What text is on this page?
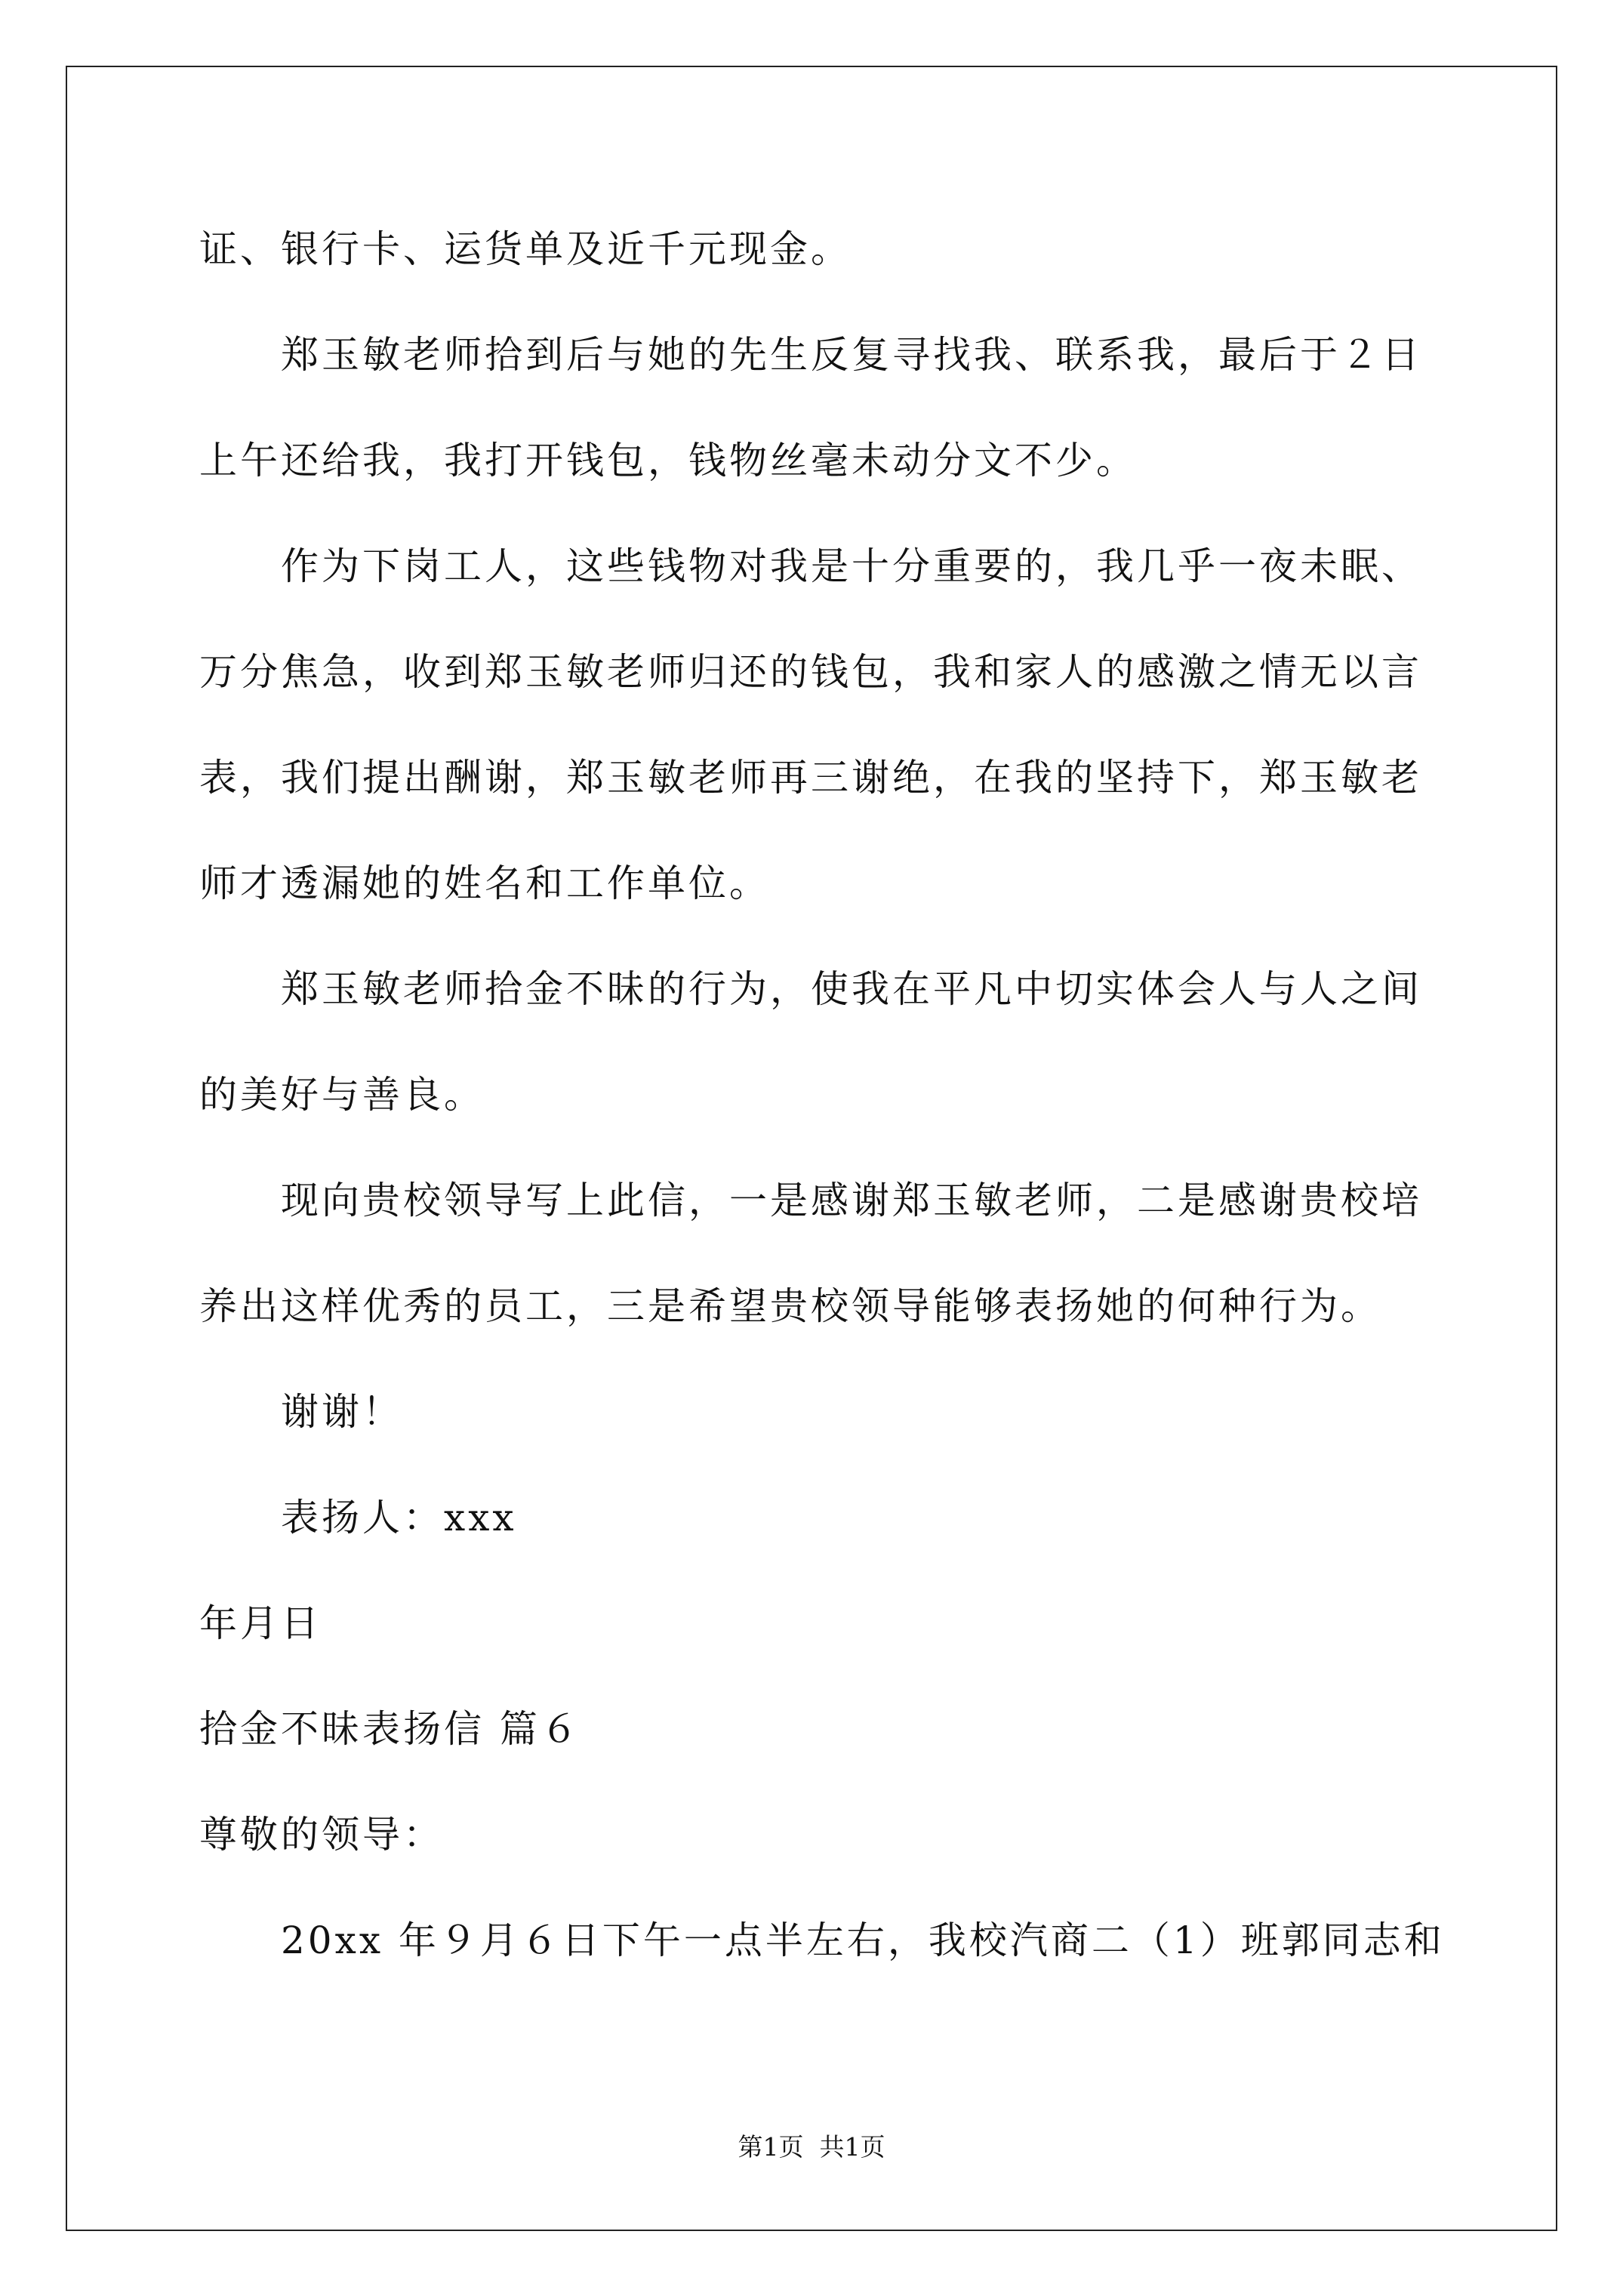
证、银行卡、运货单及近千元现金。
　　郑玉敏老师拾到后与她的先生反复寻找我、联系我，最后于２日
上午还给我，我打开钱包，钱物丝毫未动分文不少。
　　作为下岗工人，这些钱物对我是十分重要的，我几乎一夜未眠、
万分焦急，收到郑玉敏老师归还的钱包，我和家人的感激之情无以言
表，我们提出酬谢，郑玉敏老师再三谢绝，在我的坚持下，郑玉敏老
师才透漏她的姓名和工作单位。
　　郑玉敏老师拾金不昧的行为，使我在平凡中切实体会人与人之间
的美好与善良。
　　现向贵校领导写上此信，一是感谢郑玉敏老师，二是感谢贵校培
养出这样优秀的员工，三是希望贵校领导能够表扬她的何种行为。
　　谢谢！
　　表扬人：xxx
年月日
拾金不昧表扬信 篇６
尊敬的领导：
　　20xx 年９月６日下午一点半左右，我校汽商二（1）班郭同志和
第1页  共1页
